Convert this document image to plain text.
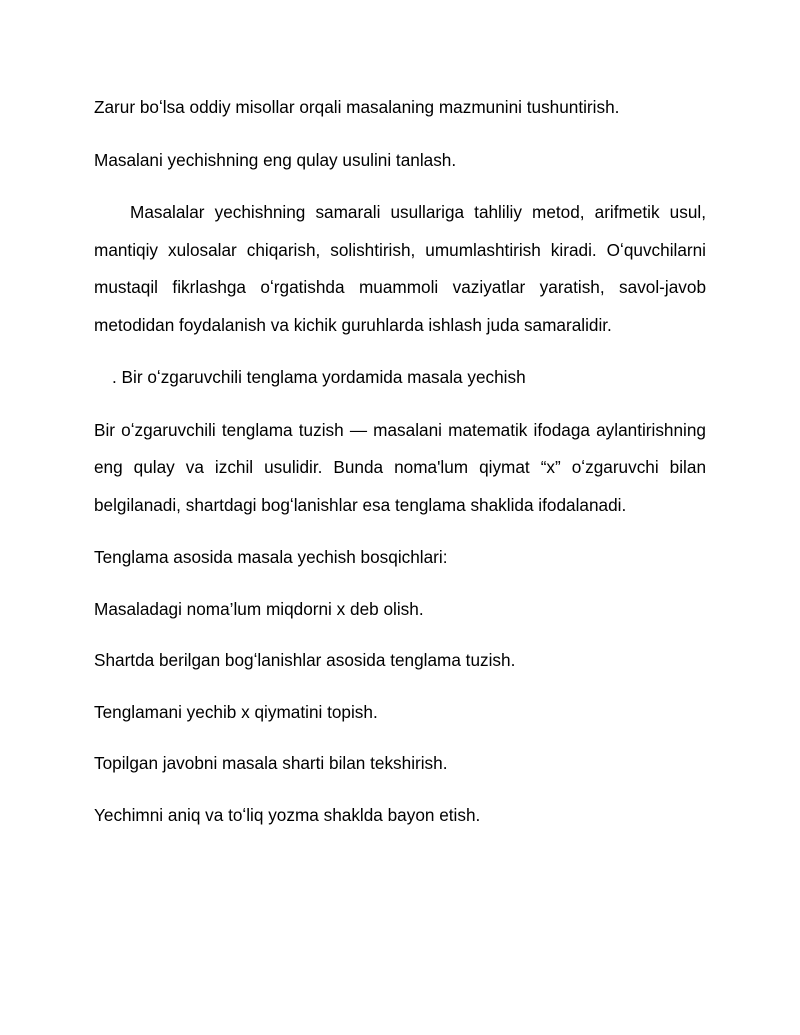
Zarur boʻlsa oddiy misollar orqali masalaning mazmunini tushuntirish.

Masalani yechishning eng qulay usulini tanlash.

Masalalar yechishning samarali usullariga tahliliy metod, arifmetik usul, mantiqiy xulosalar chiqarish, solishtirish, umumlashtirish kiradi. Oʻquvchilarni mustaqil fikrlashga oʻrgatishda muammoli vaziyatlar yaratish, savol-javob metodidan foydalanish va kichik guruhlarda ishlash juda samaralidir.

. Bir oʻzgaruvchili tenglama yordamida masala yechish

Bir oʻzgaruvchili tenglama tuzish — masalani matematik ifodaga aylantirishning eng qulay va izchil usulidir. Bunda noma'lum qiymat “x” oʻzgaruvchi bilan belgilanadi, shartdagi bogʻlanishlar esa tenglama shaklida ifodalanadi.

Tenglama asosida masala yechish bosqichlari:

Masaladagi noma’lum miqdorni x deb olish.

Shartda berilgan bogʻlanishlar asosida tenglama tuzish.

Tenglamani yechib x qiymatini topish.

Topilgan javobni masala sharti bilan tekshirish.

Yechimni aniq va toʻliq yozma shaklda bayon etish.
